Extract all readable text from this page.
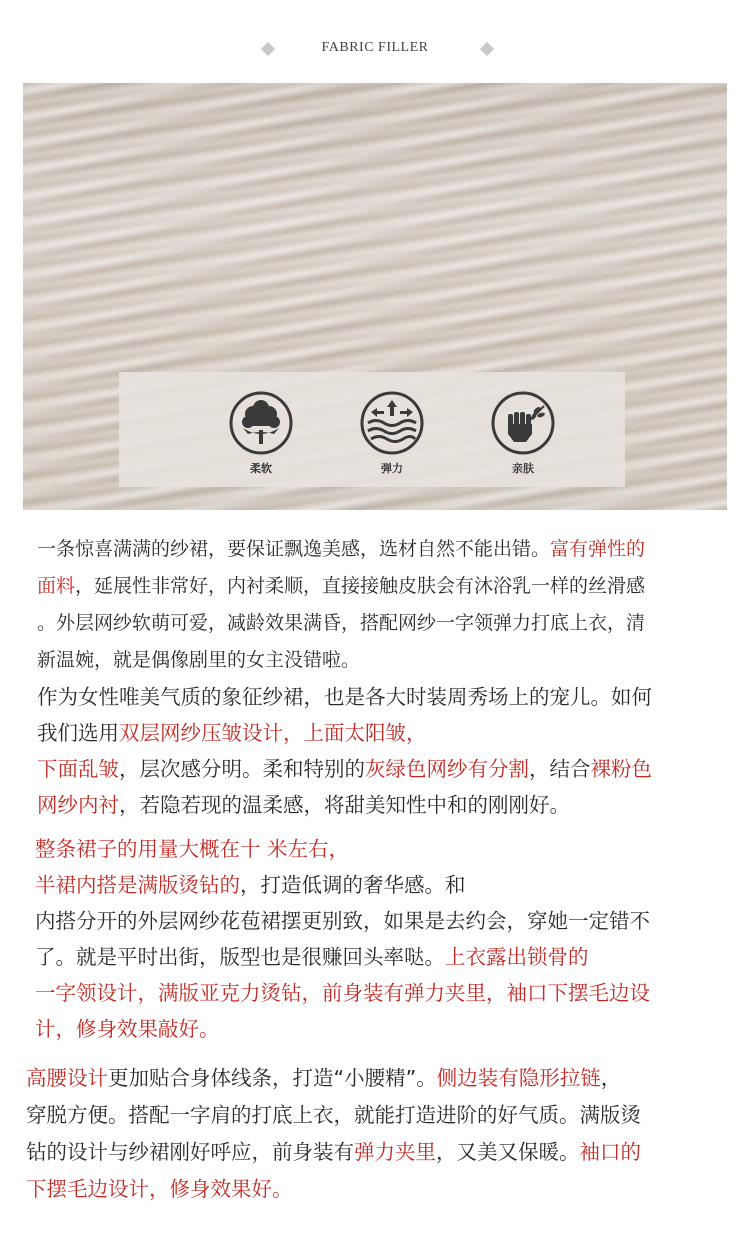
FABRIC FILLER
柔软	弹力	亲肤

一条惊喜满满的纱裙，要保证飘逸美感，选材自然不能出错。富有弹性的
面料，延展性非常好，内衬柔顺，直接接触皮肤会有沐浴乳一样的丝滑感
。外层网纱软萌可爱，减龄效果满昏，搭配网纱一字领弹力打底上衣，清
新温婉，就是偶像剧里的女主没错啦。

作为女性唯美气质的象征纱裙，也是各大时装周秀场上的宠儿。如何
我们选用双层网纱压皱设计，上面太阳皱，
下面乱皱，层次感分明。柔和特别的灰绿色网纱有分割，结合裸粉色
网纱内衬，若隐若现的温柔感，将甜美知性中和的刚刚好。

整条裙子的用量大概在十 米左右，
半裙内搭是满版烫钻的，打造低调的奢华感。和
内搭分开的外层网纱花苞裙摆更别致，如果是去约会，穿她一定错不
了。就是平时出街，版型也是很赚回头率哒。上衣露出锁骨的
一字领设计，满版亚克力烫钻，前身装有弹力夹里，袖口下摆毛边设
计，修身效果敲好。

高腰设计更加贴合身体线条，打造“小腰精”。侧边装有隐形拉链，
穿脱方便。搭配一字肩的打底上衣，就能打造进阶的好气质。满版烫
钻的设计与纱裙刚好呼应，前身装有弹力夹里，又美又保暖。袖口的
下摆毛边设计，修身效果好。
